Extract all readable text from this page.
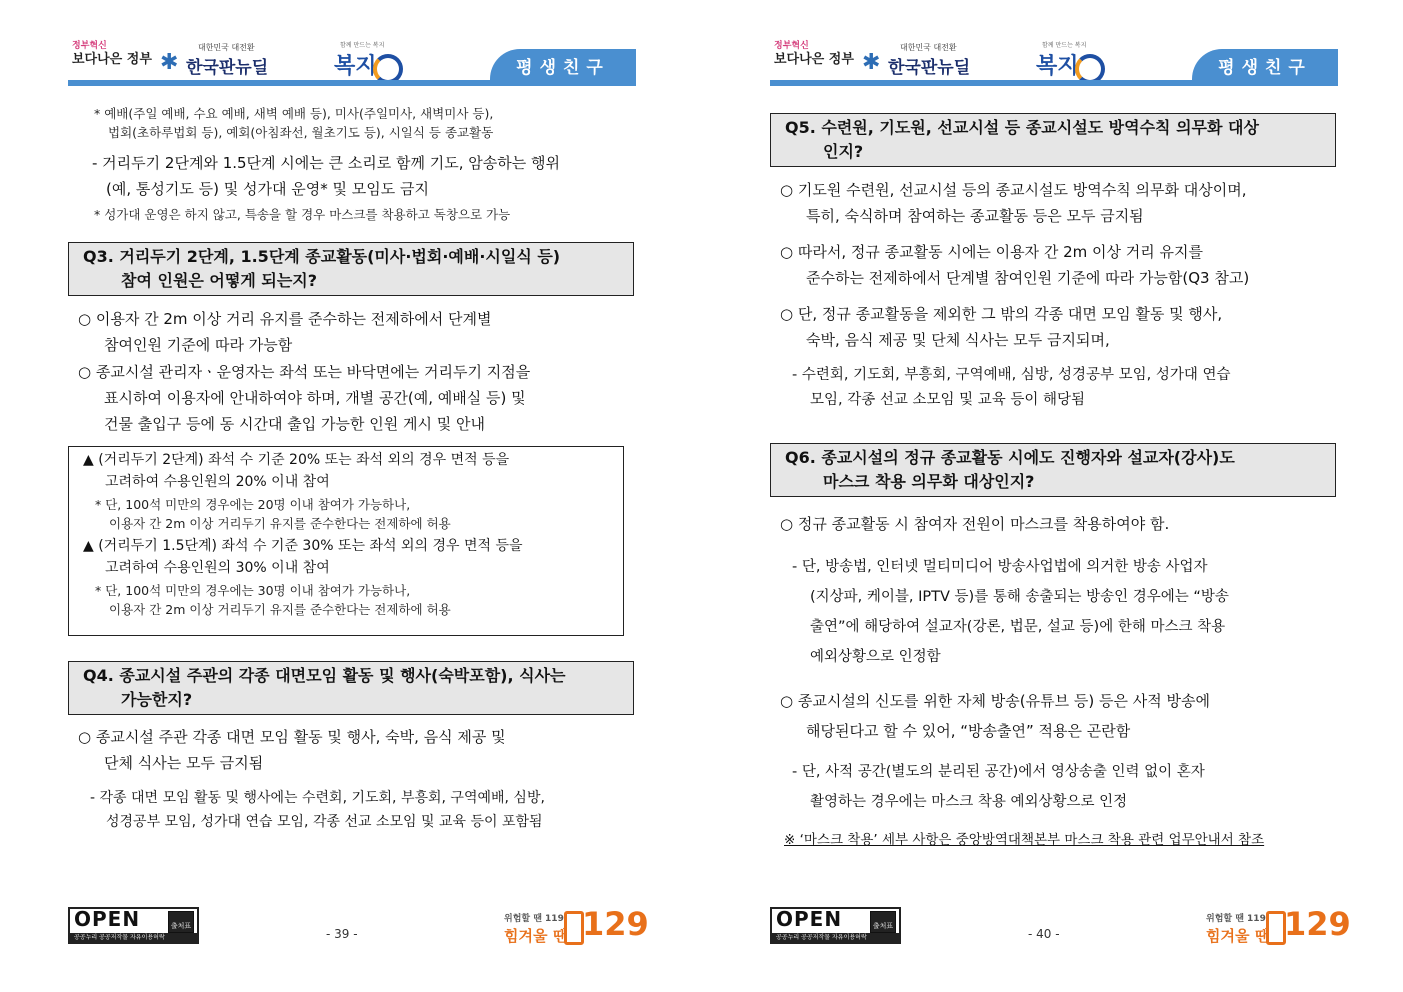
정부혁신
보다나은 정부 ✱
대한민국 대전환
한국판뉴딜
함께 만드는 복지
복지	평생친구
* 예배(주일 예배, 수요 예배, 새벽 예배 등), 미사(주일미사, 새벽미사 등),
법회(초하루법회 등), 예회(아침좌선, 월초기도 등), 시일식 등 종교활동
- 거리두기 2단계와 1.5단계 시에는 큰 소리로 함께 기도, 암송하는 행위
(예, 통성기도 등) 및 성가대 운영* 및 모임도 금지
* 성가대 운영은 하지 않고, 특송을 할 경우 마스크를 착용하고 독창으로 가능
Q3. 거리두기 2단계, 1.5단계 종교활동(미사·법회·예배·시일식 등)
참여 인원은 어떻게 되는지?
○ 이용자 간 2m 이상 거리 유지를 준수하는 전제하에서 단계별
참여인원 기준에 따라 가능함
○ 종교시설 관리자ㆍ운영자는 좌석 또는 바닥면에는 거리두기 지점을
표시하여 이용자에 안내하여야 하며, 개별 공간(예, 예배실 등) 및
건물 출입구 등에 동 시간대 출입 가능한 인원 게시 및 안내
▲ (거리두기 2단계) 좌석 수 기준 20% 또는 좌석 외의 경우 면적 등을
고려하여 수용인원의 20% 이내 참여
* 단, 100석 미만의 경우에는 20명 이내 참여가 가능하나,
이용자 간 2m 이상 거리두기 유지를 준수한다는 전제하에 허용
▲ (거리두기 1.5단계) 좌석 수 기준 30% 또는 좌석 외의 경우 면적 등을
고려하여 수용인원의 30% 이내 참여
* 단, 100석 미만의 경우에는 30명 이내 참여가 가능하나,
이용자 간 2m 이상 거리두기 유지를 준수한다는 전제하에 허용
Q4. 종교시설 주관의 각종 대면모임 활동 및 행사(숙박포함), 식사는
가능한지?
○ 종교시설 주관 각종 대면 모임 활동 및 행사, 숙박, 음식 제공 및
단체 식사는 모두 금지됨
- 각종 대면 모임 활동 및 행사에는 수련회, 기도회, 부흥회, 구역예배, 심방,
성경공부 모임, 성가대 연습 모임, 각종 선교 소모임 및 교육 등이 포함됨
OPEN	출처표시
공공누리 공공저작물 자유이용허락	- 39 -
위험할 땐 119
힘겨울 땐 129
정부혁신
보다나은 정부 ✱
대한민국 대전환
한국판뉴딜
함께 만드는 복지
복지	평생친구
Q5. 수련원, 기도원, 선교시설 등 종교시설도 방역수칙 의무화 대상
인지?
○ 기도원 수련원, 선교시설 등의 종교시설도 방역수칙 의무화 대상이며,
특히, 숙식하며 참여하는 종교활동 등은 모두 금지됨
○ 따라서, 정규 종교활동 시에는 이용자 간 2m 이상 거리 유지를
준수하는 전제하에서 단계별 참여인원 기준에 따라 가능함(Q3 참고)
○ 단, 정규 종교활동을 제외한 그 밖의 각종 대면 모임 활동 및 행사,
숙박, 음식 제공 및 단체 식사는 모두 금지되며,
- 수련회, 기도회, 부흥회, 구역예배, 심방, 성경공부 모임, 성가대 연습
모임, 각종 선교 소모임 및 교육 등이 해당됨
Q6. 종교시설의 정규 종교활동 시에도 진행자와 설교자(강사)도
마스크 착용 의무화 대상인지?
○ 정규 종교활동 시 참여자 전원이 마스크를 착용하여야 함.
- 단, 방송법, 인터넷 멀티미디어 방송사업법에 의거한 방송 사업자
(지상파, 케이블, IPTV 등)를 통해 송출되는 방송인 경우에는 “방송
출연”에 해당하여 설교자(강론, 법문, 설교 등)에 한해 마스크 착용
예외상황으로 인정함
○ 종교시설의 신도를 위한 자체 방송(유튜브 등) 등은 사적 방송에
해당된다고 할 수 있어, “방송출연” 적용은 곤란함
- 단, 사적 공간(별도의 분리된 공간)에서 영상송출 인력 없이 혼자
촬영하는 경우에는 마스크 착용 예외상황으로 인정
※ ‘마스크 착용’ 세부 사항은 중앙방역대책본부 마스크 착용 관련 업무안내서 참조
OPEN	출처표시
공공누리 공공저작물 자유이용허락	- 40 -
위험할 땐 119
힘겨울 땐 129
